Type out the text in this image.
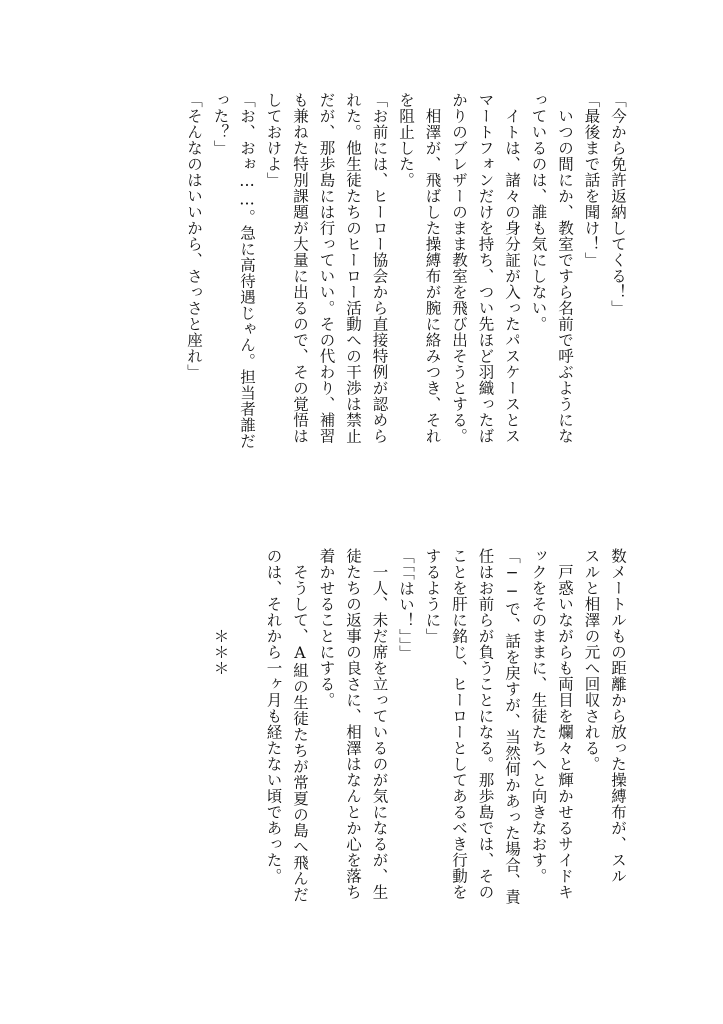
「今から免許返納してくる！」
「最後まで話を聞け！」
　いつの間にか、教室ですら名前で呼ぶようにな
っているのは、誰も気にしない。
　イトは、諸々の身分証が入ったパスケースとス
マートフォンだけを持ち、つい先ほど羽織ったば
かりのブレザーのまま教室を飛び出そうとする。
　相澤が、飛ばした操縛布が腕に絡みつき、それ
を阻止した。
「お前には、ヒーロー協会から直接特例が認めら
れた。他生徒たちのヒーロー活動への干渉は禁止
だが、那歩島には行っていい。その代わり、補習
も兼ねた特別課題が大量に出るので、その覚悟は
しておけよ」
「お、おぉ……。急に高待遇じゃん。担当者誰だ
った？」
「そんなのはいいから、さっさと座れ」
数メートルもの距離から放った操縛布が、スル
スルと相澤の元へ回収される。
　戸惑いながらも両目を爛々と輝かせるサイドキ
ックをそのままに、生徒たちへと向きなおす。
「──で、話を戻すが、当然何かあった場合、責
任はお前らが負うことになる。那歩島では、その
ことを肝に銘じ、ヒーローとしてあるべき行動を
するように」
「「「はい！」」」
　一人、未だ席を立っているのが気になるが、生
徒たちの返事の良さに、相澤はなんとか心を落ち
着かせることにする。
　そうして、A組の生徒たちが常夏の島へ飛んだ
のは、それから一ヶ月も経たない頃であった。

　　　　　＊＊＊
